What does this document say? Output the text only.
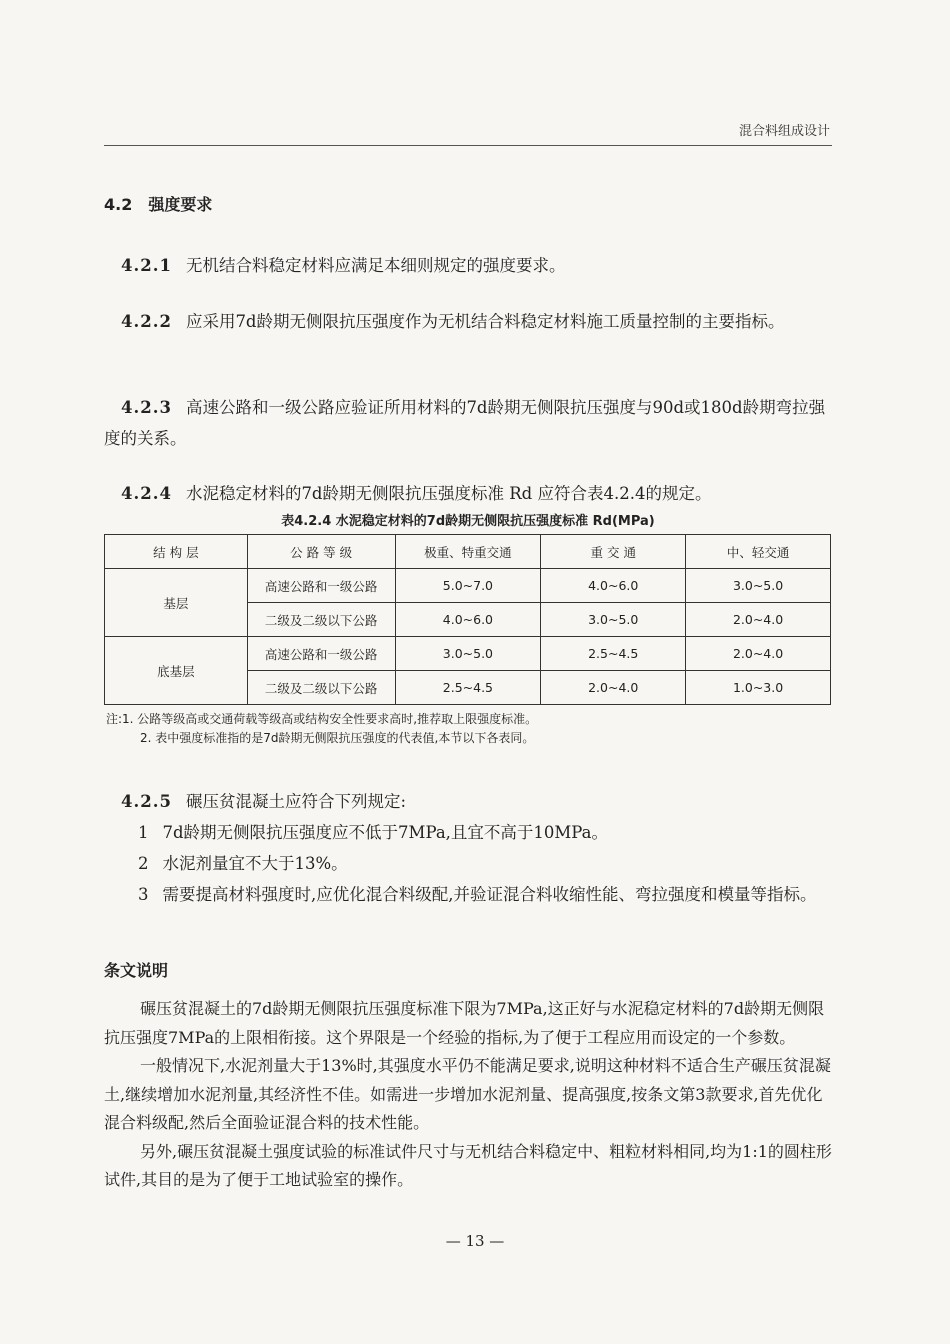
混合料组成设计
4.2 强度要求
4.2.1 无机结合料稳定材料应满足本细则规定的强度要求。
4.2.2 应采用7d龄期无侧限抗压强度作为无机结合料稳定材料施工质量控制的主要指标。
4.2.3 高速公路和一级公路应验证所用材料的7d龄期无侧限抗压强度与90d或180d龄期弯拉强度的关系。
4.2.4 水泥稳定材料的7d龄期无侧限抗压强度标准 Rd 应符合表4.2.4的规定。
表4.2.4 水泥稳定材料的7d龄期无侧限抗压强度标准 Rd(MPa)
结 构 层	公 路 等 级	极重、特重交通	重 交 通	中、轻交通
基层	高速公路和一级公路	5.0~7.0	4.0~6.0	3.0~5.0
	二级及二级以下公路	4.0~6.0	3.0~5.0	2.0~4.0
底基层	高速公路和一级公路	3.0~5.0	2.5~4.5	2.0~4.0
	二级及二级以下公路	2.5~4.5	2.0~4.0	1.0~3.0
注:1. 公路等级高或交通荷载等级高或结构安全性要求高时,推荐取上限强度标准。
2. 表中强度标准指的是7d龄期无侧限抗压强度的代表值,本节以下各表同。
4.2.5 碾压贫混凝土应符合下列规定:
1 7d龄期无侧限抗压强度应不低于7MPa,且宜不高于10MPa。
2 水泥剂量宜不大于13%。
3 需要提高材料强度时,应优化混合料级配,并验证混合料收缩性能、弯拉强度和模量等指标。
条文说明

碾压贫混凝土的7d龄期无侧限抗压强度标准下限为7MPa,这正好与水泥稳定材料的7d龄期无侧限抗压强度7MPa的上限相衔接。这个界限是一个经验的指标,为了便于工程应用而设定的一个参数。

一般情况下,水泥剂量大于13%时,其强度水平仍不能满足要求,说明这种材料不适合生产碾压贫混凝土,继续增加水泥剂量,其经济性不佳。如需进一步增加水泥剂量、提高强度,按条文第3款要求,首先优化混合料级配,然后全面验证混合料的技术性能。

另外,碾压贫混凝土强度试验的标准试件尺寸与无机结合料稳定中、粗粒材料相同,均为1:1的圆柱形试件,其目的是为了便于工地试验室的操作。

— 13 —
